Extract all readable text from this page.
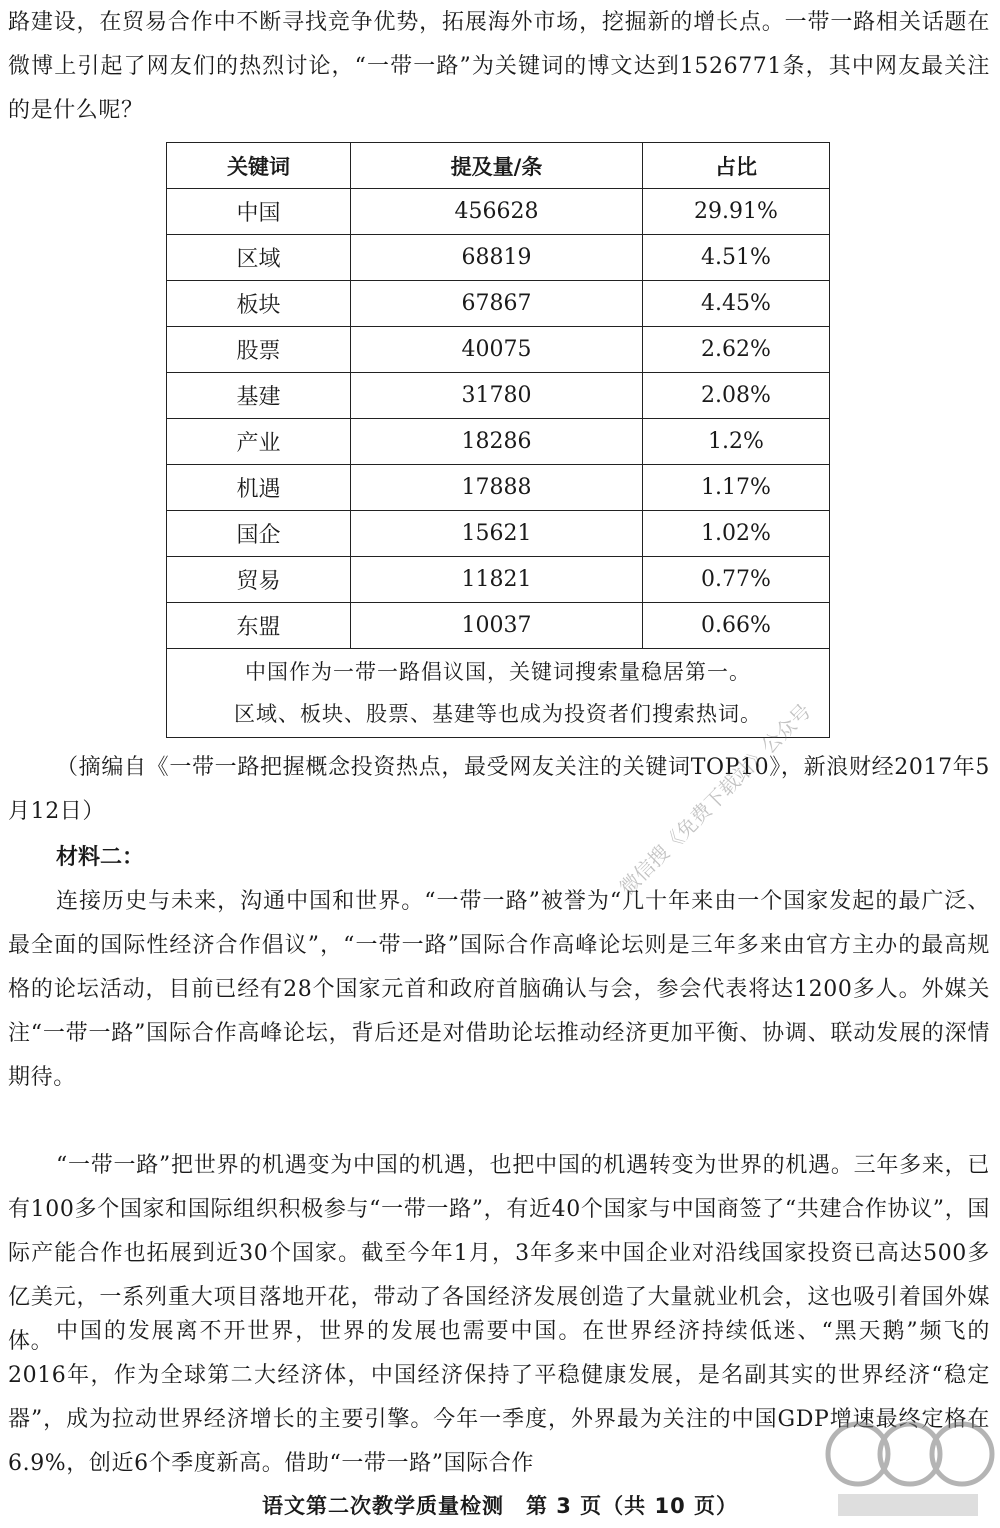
路建设，在贸易合作中不断寻找竞争优势，拓展海外市场，挖掘新的增长点。一带一路相关话题在微博上引起了网友们的热烈讨论，“一带一路”为关键词的博文达到1526771条，其中网友最关注的是什么呢？

关键词	提及量/条	占比
中国	456628	29.91%
区域	68819	4.51%
板块	67867	4.45%
股票	40075	2.62%
基建	31780	2.08%
产业	18286	1.2%
机遇	17888	1.17%
国企	15621	1.02%
贸易	11821	0.77%
东盟	10037	0.66%

中国作为一带一路倡议国，关键词搜索量稳居第一。
区域、板块、股票、基建等也成为投资者们搜索热词。		

（摘编自《一带一路把握概念投资热点，最受网友关注的关键词TOP10》，新浪财经2017年5月12日）

材料二：

连接历史与未来，沟通中国和世界。“一带一路”被誉为“几十年来由一个国家发起的最广泛、最全面的国际性经济合作倡议”，“一带一路”国际合作高峰论坛则是三年多来由官方主办的最高规格的论坛活动，目前已经有28个国家元首和政府首脑确认与会，参会代表将达1200多人。外媒关注“一带一路”国际合作高峰论坛，背后还是对借助论坛推动经济更加平衡、协调、联动发展的深情期待。

“一带一路”把世界的机遇变为中国的机遇，也把中国的机遇转变为世界的机遇。三年多来，已有100多个国家和国际组织积极参与“一带一路”，有近40个国家与中国商签了“共建合作协议”，国际产能合作也拓展到近30个国家。截至今年1月，3年多来中国企业对沿线国家投资已高达500多亿美元，一系列重大项目落地开花，带动了各国经济发展创造了大量就业机会，这也吸引着国外媒体。 中国的发展离不开世界，世界的发展也需要中国。在世界经济持续低迷、“黑天鹅”频飞的2016年，作为全球第二大经济体，中国经济保持了平稳健康发展，是名副其实的世界经济“稳定器”，成为拉动世界经济增长的主要引擎。今年一季度，外界最为关注的中国GDP增速最终定格在6.9%，创近6个季度新高。借助“一带一路”国际合作

微信搜《免费下载站》公众号
语文第二次教学质量检测　第 3 页（共 10 页）
